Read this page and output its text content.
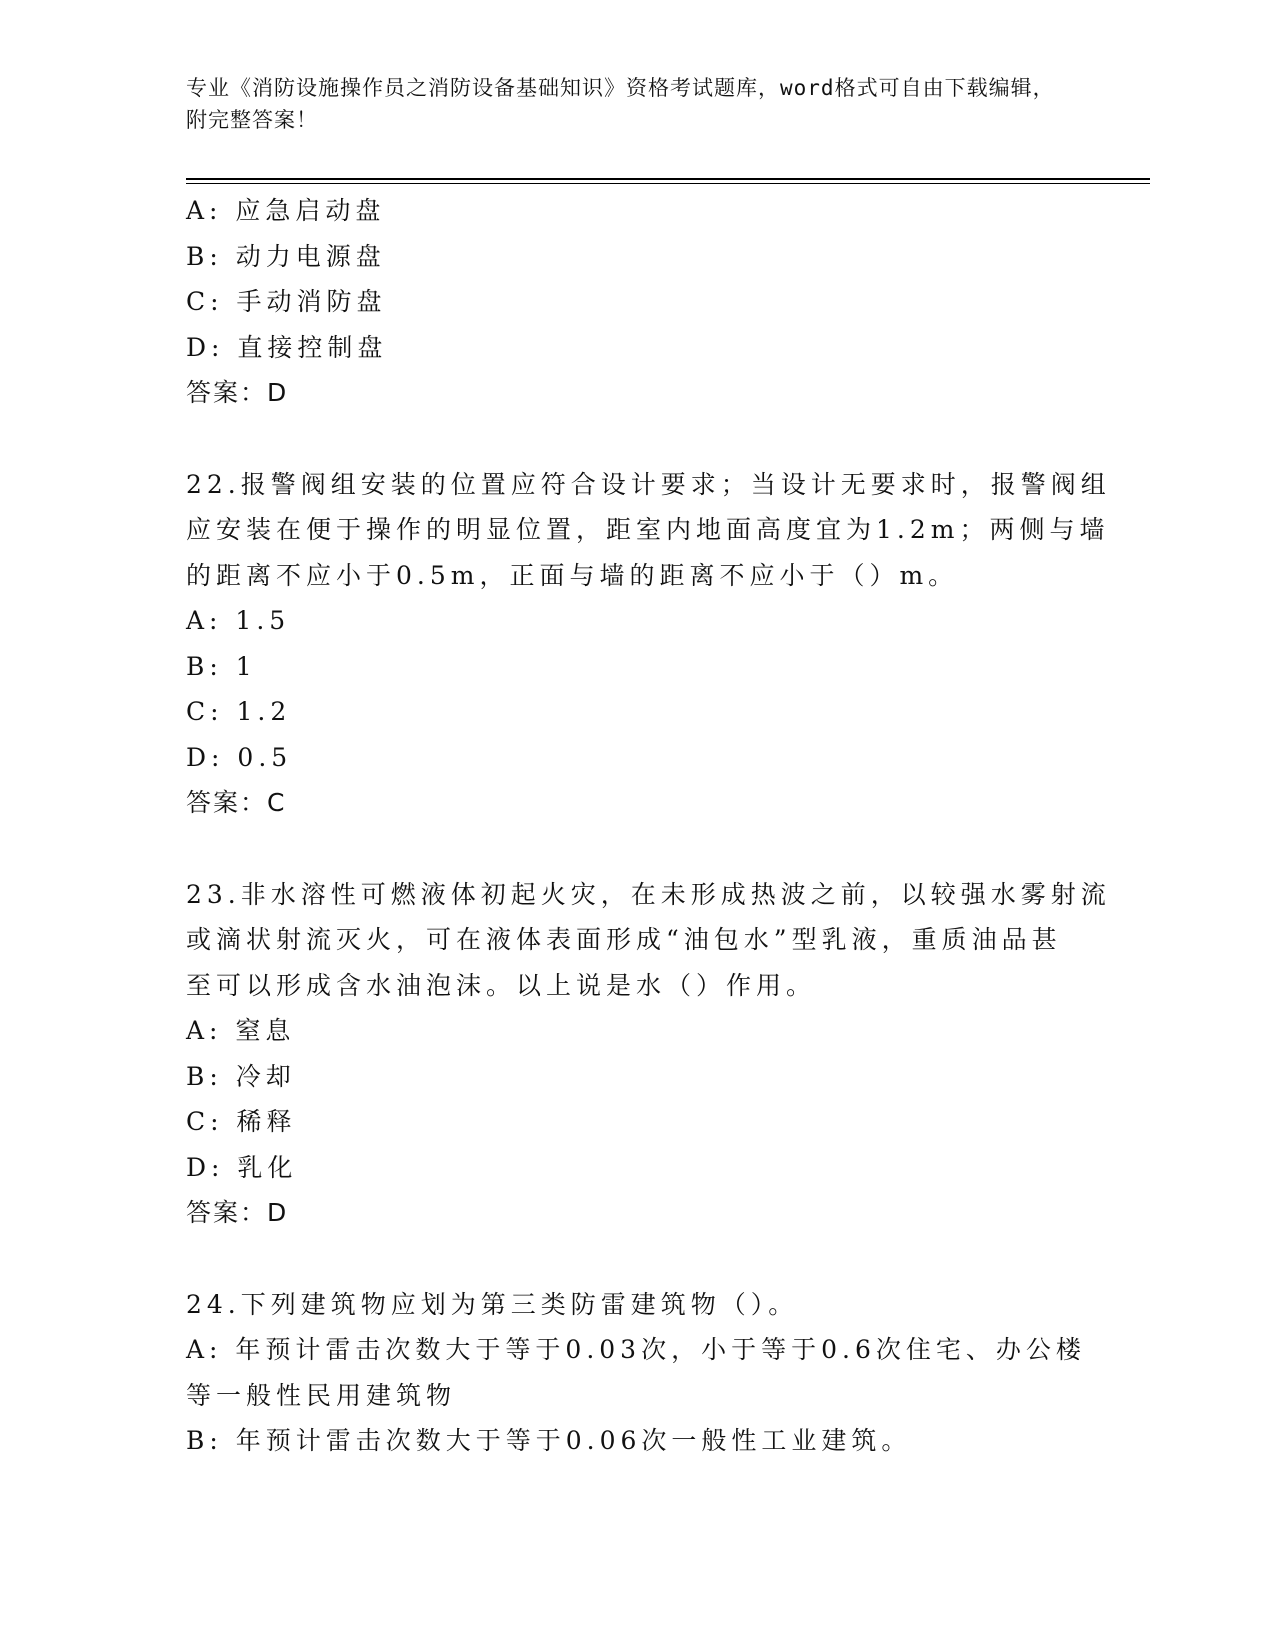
专业《消防设施操作员之消防设备基础知识》资格考试题库，word格式可自由下载编辑，附完整答案！
A: 应急启动盘
B: 动力电源盘
C: 手动消防盘
D: 直接控制盘
答案：D
22.报警阀组安装的位置应符合设计要求；当设计无要求时，报警阀组
应安装在便于操作的明显位置，距室内地面高度宜为1.2m；两侧与墙
的距离不应小于0.5m，正面与墙的距离不应小于（）m。
A: 1.5
B: 1
C: 1.2
D: 0.5
答案：C
23.非水溶性可燃液体初起火灾，在未形成热波之前，以较强水雾射流
或滴状射流灭火，可在液体表面形成“油包水”型乳液，重质油品甚
至可以形成含水油泡沫。以上说是水（）作用。
A: 窒息
B: 冷却
C: 稀释
D: 乳化
答案：D
24.下列建筑物应划为第三类防雷建筑物（）。
A: 年预计雷击次数大于等于0.03次，小于等于0.6次住宅、办公楼
等一般性民用建筑物
B: 年预计雷击次数大于等于0.06次一般性工业建筑。
